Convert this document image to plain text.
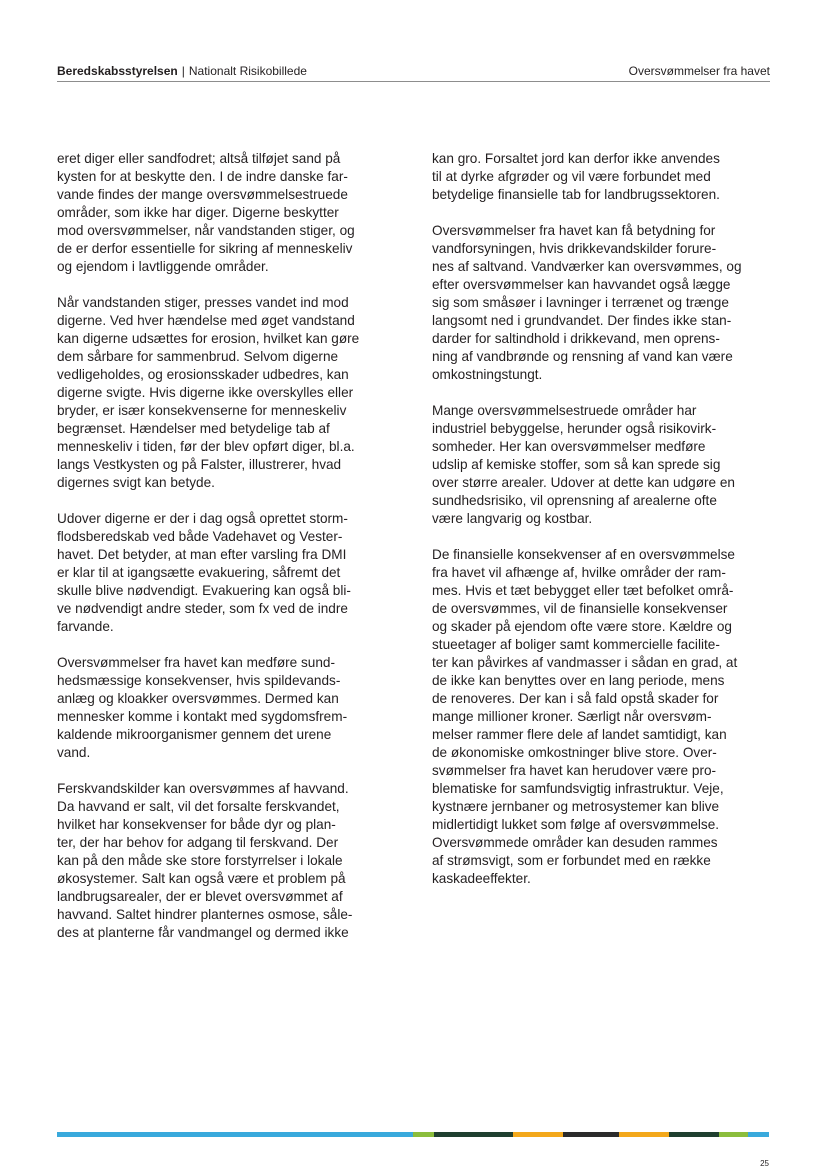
Beredskabsstyrelsen | Nationalt Risikobillede	Oversvømmelser fra havet

eret diger eller sandfodret; altså tilføjet sand på
kysten for at beskytte den. I de indre danske far-
vande findes der mange oversvømmelsestruede
områder, som ikke har diger. Digerne beskytter
mod oversvømmelser, når vandstanden stiger, og
de er derfor essentielle for sikring af menneskeliv
og ejendom i lavtliggende områder.

Når vandstanden stiger, presses vandet ind mod
digerne. Ved hver hændelse med øget vandstand
kan digerne udsættes for erosion, hvilket kan gøre
dem sårbare for sammenbrud. Selvom digerne
vedligeholdes, og erosionsskader udbedres, kan
digerne svigte. Hvis digerne ikke overskylles eller
bryder, er især konsekvenserne for menneskeliv
begrænset. Hændelser med betydelige tab af
menneskeliv i tiden, før der blev opført diger, bl.a.
langs Vestkysten og på Falster, illustrerer, hvad
digernes svigt kan betyde.

Udover digerne er der i dag også oprettet storm-
flodsberedskab ved både Vadehavet og Vester-
havet. Det betyder, at man efter varsling fra DMI
er klar til at igangsætte evakuering, såfremt det
skulle blive nødvendigt. Evakuering kan også bli-
ve nødvendigt andre steder, som fx ved de indre
farvande.

Oversvømmelser fra havet kan medføre sund-
hedsmæssige konsekvenser, hvis spildevands-
anlæg og kloakker oversvømmes. Dermed kan
mennesker komme i kontakt med sygdomsfrem-
kaldende mikroorganismer gennem det urene
vand.

Ferskvandskilder kan oversvømmes af havvand.
Da havvand er salt, vil det forsalte ferskvandet,
hvilket har konsekvenser for både dyr og plan-
ter, der har behov for adgang til ferskvand. Der
kan på den måde ske store forstyrrelser i lokale
økosystemer. Salt kan også være et problem på
landbrugsarealer, der er blevet oversvømmet af
havvand. Saltet hindrer planternes osmose, såle-
des at planterne får vandmangel og dermed ikke

kan gro. Forsaltet jord kan derfor ikke anvendes
til at dyrke afgrøder og vil være forbundet med
betydelige finansielle tab for landbrugssektoren.

Oversvømmelser fra havet kan få betydning for
vandforsyningen, hvis drikkevandskilder forure-
nes af saltvand. Vandværker kan oversvømmes, og
efter oversvømmelser kan havvandet også lægge
sig som småsøer i lavninger i terrænet og trænge
langsomt ned i grundvandet. Der findes ikke stan-
darder for saltindhold i drikkevand, men oprens-
ning af vandbrønde og rensning af vand kan være
omkostningstungt.

Mange oversvømmelsestruede områder har
industriel bebyggelse, herunder også risikovirk-
somheder. Her kan oversvømmelser medføre
udslip af kemiske stoffer, som så kan sprede sig
over større arealer. Udover at dette kan udgøre en
sundhedsrisiko, vil oprensning af arealerne ofte
være langvarig og kostbar.

De finansielle konsekvenser af en oversvømmelse
fra havet vil afhænge af, hvilke områder der ram-
mes. Hvis et tæt bebygget eller tæt befolket områ-
de oversvømmes, vil de finansielle konsekvenser
og skader på ejendom ofte være store. Kældre og
stueetager af boliger samt kommercielle facilite-
ter kan påvirkes af vandmasser i sådan en grad, at
de ikke kan benyttes over en lang periode, mens
de renoveres. Der kan i så fald opstå skader for
mange millioner kroner. Særligt når oversvøm-
melser rammer flere dele af landet samtidigt, kan
de økonomiske omkostninger blive store. Over-
svømmelser fra havet kan herudover være pro-
blematiske for samfundsvigtig infrastruktur. Veje,
kystnære jernbaner og metrosystemer kan blive
midlertidigt lukket som følge af oversvømmelse.
Oversvømmede områder kan desuden rammes
af strømsvigt, som er forbundet med en række
kaskadeeffekter.

25
